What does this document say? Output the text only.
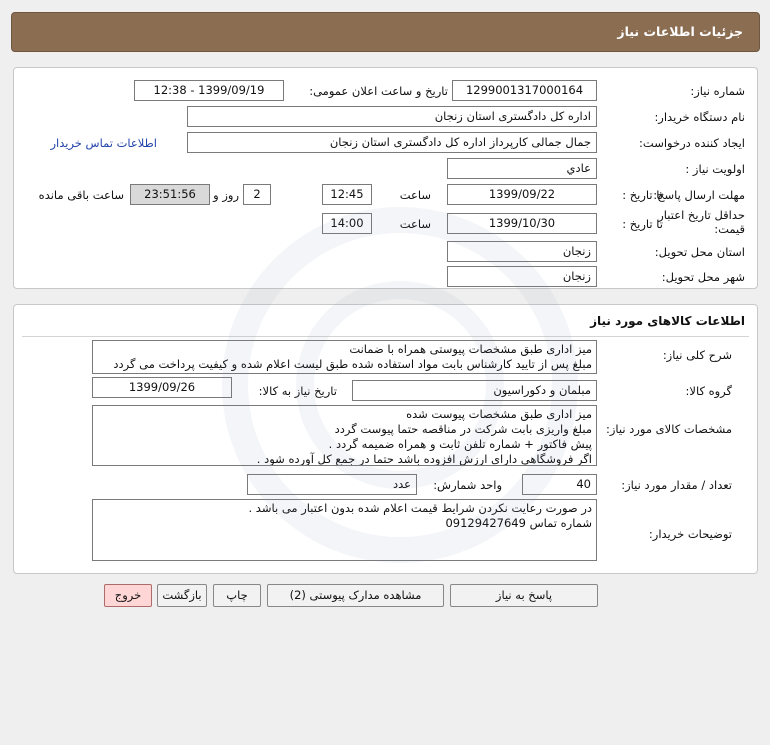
جزئیات اطلاعات نیاز
شماره نیاز:
1299001317000164
تاریخ و ساعت اعلان عمومی:
1399/09/19 - 12:38
نام دستگاه خریدار:
اداره کل دادگستری استان زنجان
ایجاد کننده درخواست:
جمال جمالی کارپرداز اداره کل دادگستری استان زنجان
اطلاعات تماس خریدار
اولویت نیاز :
عادي
مهلت ارسال پاسخ:
تا تاریخ :
1399/09/22
ساعت
12:45
2
روز و
23:51:56
ساعت باقی مانده
حداقل تاریخ اعتبار
قیمت:
تا تاریخ :
1399/10/30
ساعت
14:00
استان محل تحویل:
زنجان
شهر محل تحویل:
زنجان
اطلاعات کالاهای مورد نیاز
شرح کلی نیاز:
میز اداری طبق مشخصات پیوستی همراه با ضمانت
مبلغ پس از تایید کارشناس بابت مواد استفاده شده طبق لیست اعلام شده و کیفیت پرداخت می گردد
گروه کالا:
مبلمان و دکوراسیون
تاریخ نیاز به کالا:
1399/09/26
مشخصات کالای مورد نیاز:
میز اداری طبق مشخصات پیوست شده
مبلغ واریزی بابت شرکت در مناقصه حتما پیوست گردد
پیش فاکتور + شماره تلفن ثابت و همراه ضمیمه گردد .
اگر فروشگاهی دارای ارزش افزوده باشد حتما در جمع کل آورده شود .
تعداد / مقدار مورد نیاز:
40
واحد شمارش:
عدد
توضیحات خریدار:
در صورت رعایت نکردن شرایط قیمت اعلام شده بدون اعتبار می باشد .
شماره تماس 09129427649
پاسخ به نیاز
مشاهده مدارک پیوستی (2)
چاپ
بازگشت
خروج
